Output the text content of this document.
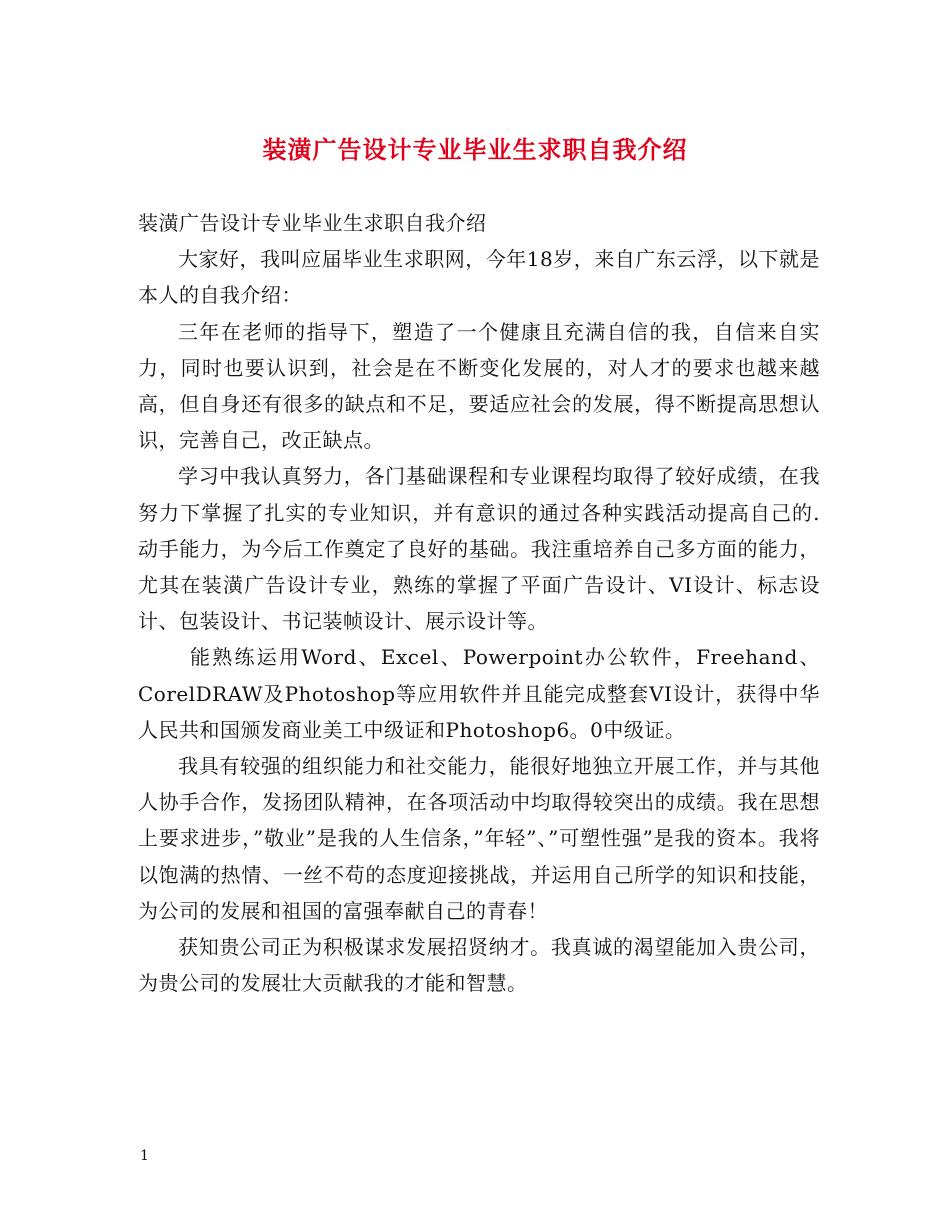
装潢广告设计专业毕业生求职自我介绍

装潢广告设计专业毕业生求职自我介绍

大家好，我叫应届毕业生求职网，今年18岁，来自广东云浮，以下就是本人的自我介绍：

三年在老师的指导下，塑造了一个健康且充满自信的我，自信来自实力，同时也要认识到，社会是在不断变化发展的，对人才的要求也越来越高，但自身还有很多的缺点和不足，要适应社会的发展，得不断提高思想认识，完善自己，改正缺点。

学习中我认真努力，各门基础课程和专业课程均取得了较好成绩，在我努力下掌握了扎实的专业知识，并有意识的通过各种实践活动提高自己的.动手能力，为今后工作奠定了良好的基础。我注重培养自己多方面的能力，尤其在装潢广告设计专业，熟练的掌握了平面广告设计、VI设计、标志设计、包装设计、书记装帧设计、展示设计等。

能熟练运用Word、Excel、Powerpoint办公软件，Freehand、CorelDRAW及Photoshop等应用软件并且能完成整套VI设计，获得中华人民共和国颁发商业美工中级证和Photoshop6。0中级证。

我具有较强的组织能力和社交能力，能很好地独立开展工作，并与其他人协手合作，发扬团队精神，在各项活动中均取得较突出的成绩。我在思想上要求进步，”敬业”是我的人生信条，”年轻”、”可塑性强”是我的资本。我将以饱满的热情、一丝不苟的态度迎接挑战，并运用自己所学的知识和技能，为公司的发展和祖国的富强奉献自己的青春！

获知贵公司正为积极谋求发展招贤纳才。我真诚的渴望能加入贵公司，为贵公司的发展壮大贡献我的才能和智慧。

1
